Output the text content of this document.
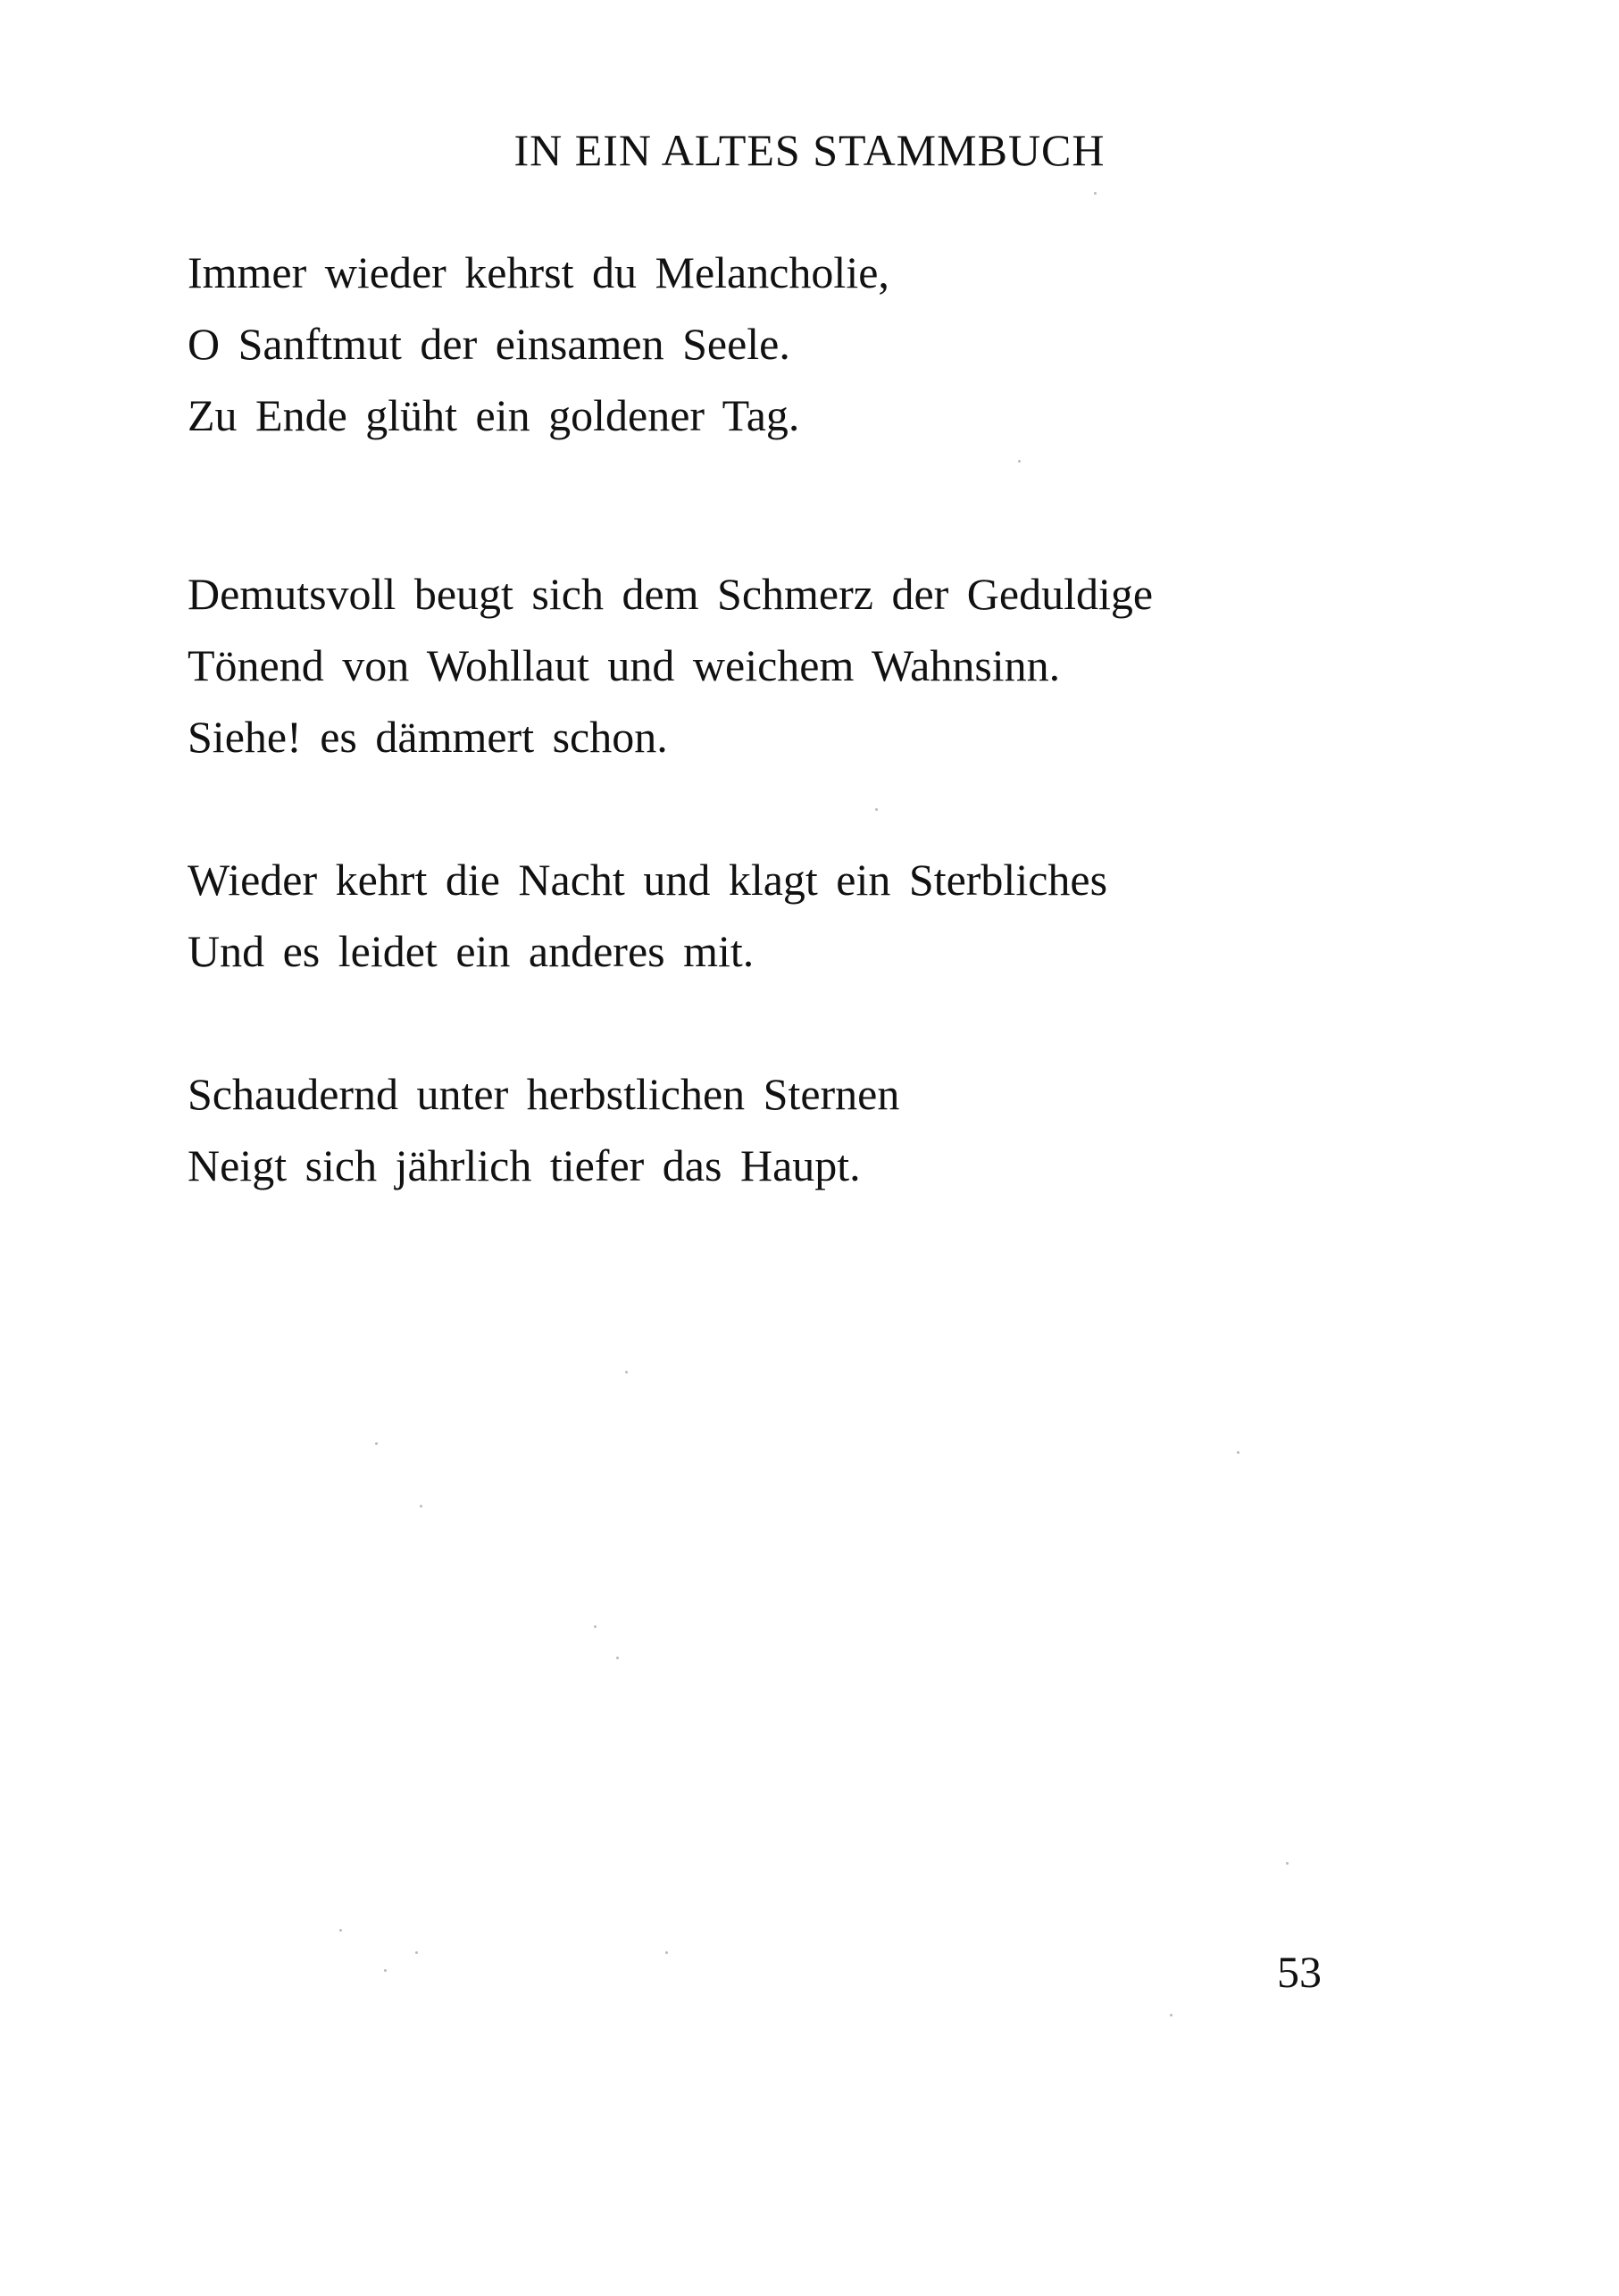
IN EIN ALTES STAMMBUCH
Immer wieder kehrst du Melancholie,
O Sanftmut der einsamen Seele.
Zu Ende glüht ein goldener Tag.
Demutsvoll beugt sich dem Schmerz der Geduldige
Tönend von Wohllaut und weichem Wahnsinn.
Siehe! es dämmert schon.
Wieder kehrt die Nacht und klagt ein Sterbliches
Und es leidet ein anderes mit.
Schaudernd unter herbstlichen Sternen
Neigt sich jährlich tiefer das Haupt.
53
